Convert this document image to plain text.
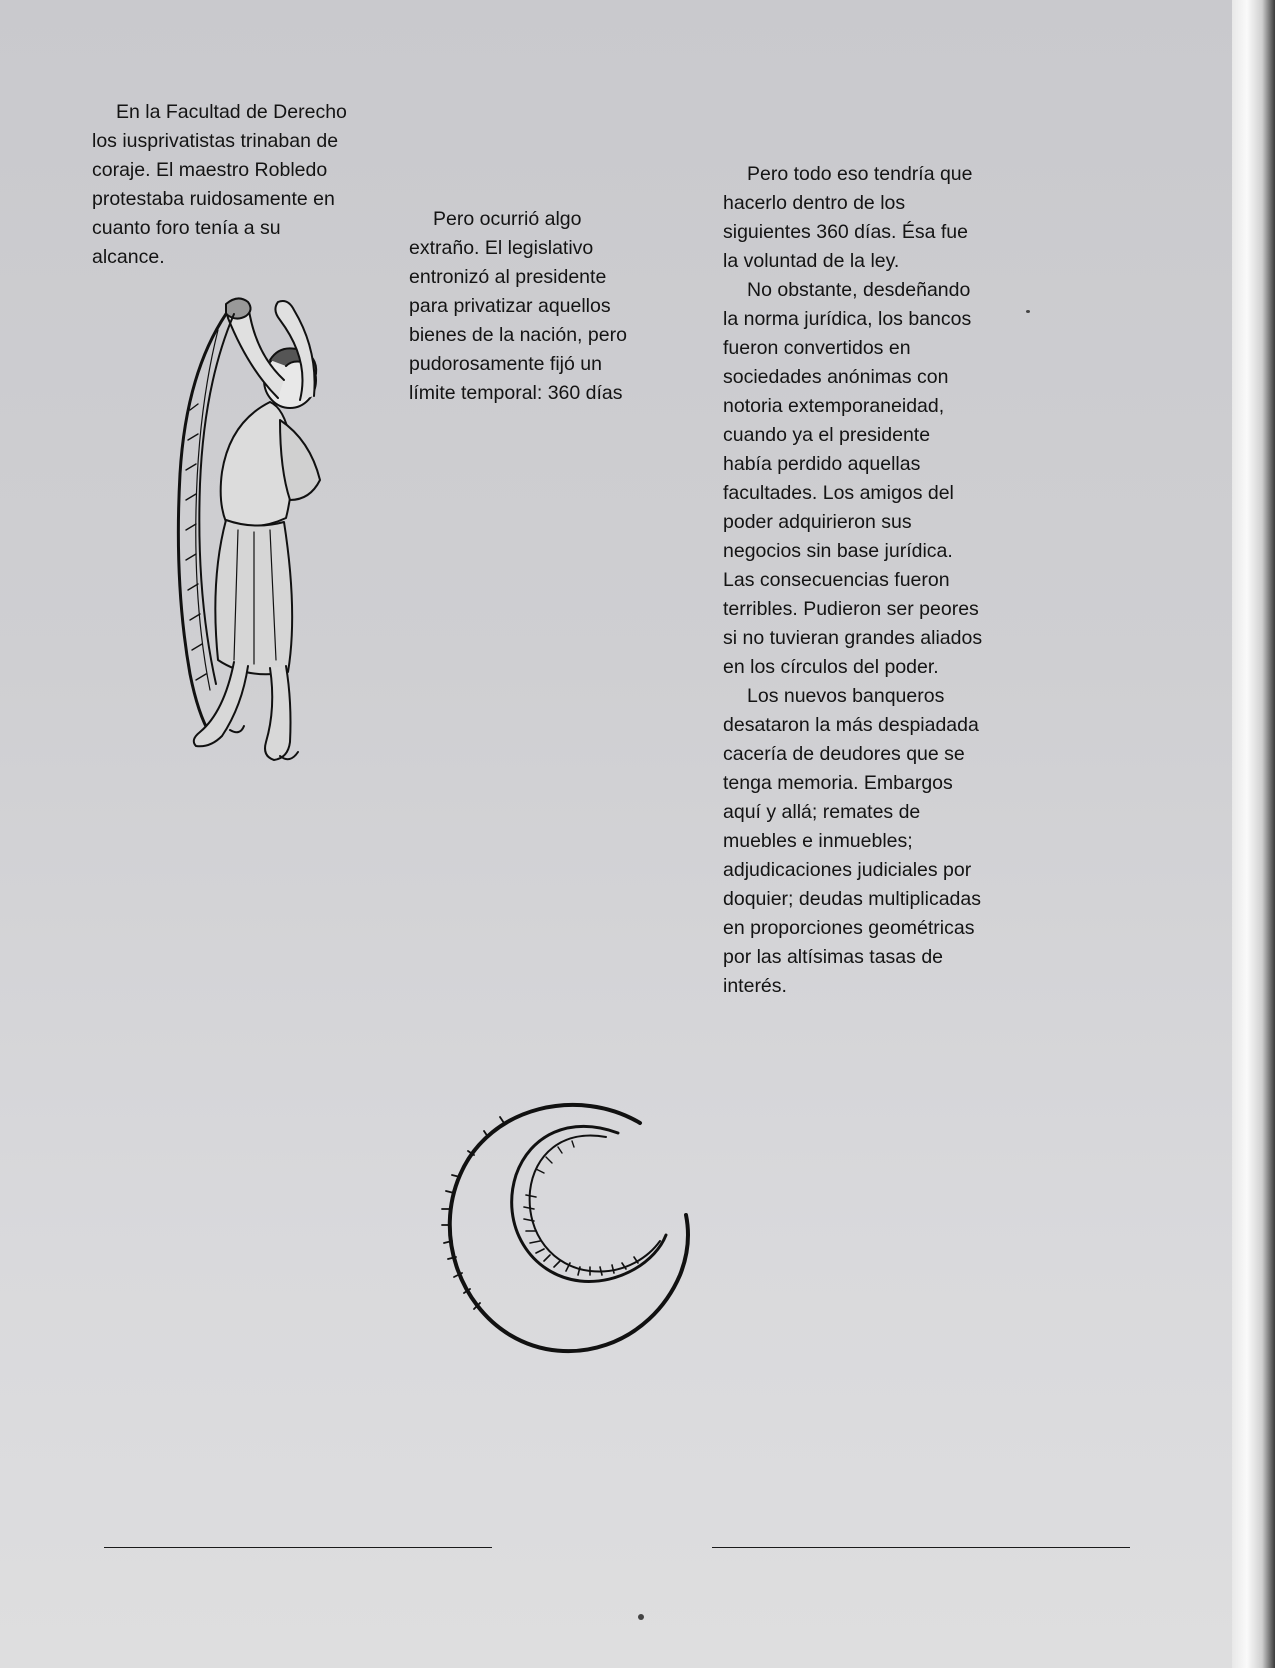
En la Facultad de Derecho los iusprivatistas trinaban de coraje. El maestro Robledo protestaba ruidosamente en cuanto foro tenía a su alcance.

Pero ocurrió algo extraño. El legislativo entronizó al presidente para privatizar aquellos bienes de la nación, pero pudorosamente fijó un límite temporal: 360 días

Pero todo eso tendría que hacerlo dentro de los siguientes 360 días. Ésa fue la voluntad de la ley.

No obstante, desdeñando la norma jurídica, los bancos fueron convertidos en sociedades anónimas con notoria extemporaneidad, cuando ya el presidente había perdido aquellas facultades. Los amigos del poder adquirieron sus negocios sin base jurídica. Las consecuencias fueron terribles. Pudieron ser peores si no tuvieran grandes aliados en los círculos del poder.

Los nuevos banqueros desataron la más despiadada cacería de deudores que se tenga memoria. Embargos aquí y allá; remates de muebles e inmuebles; adjudicaciones judiciales por doquier; deudas multiplicadas en proporciones geométricas por las altísimas tasas de interés.
